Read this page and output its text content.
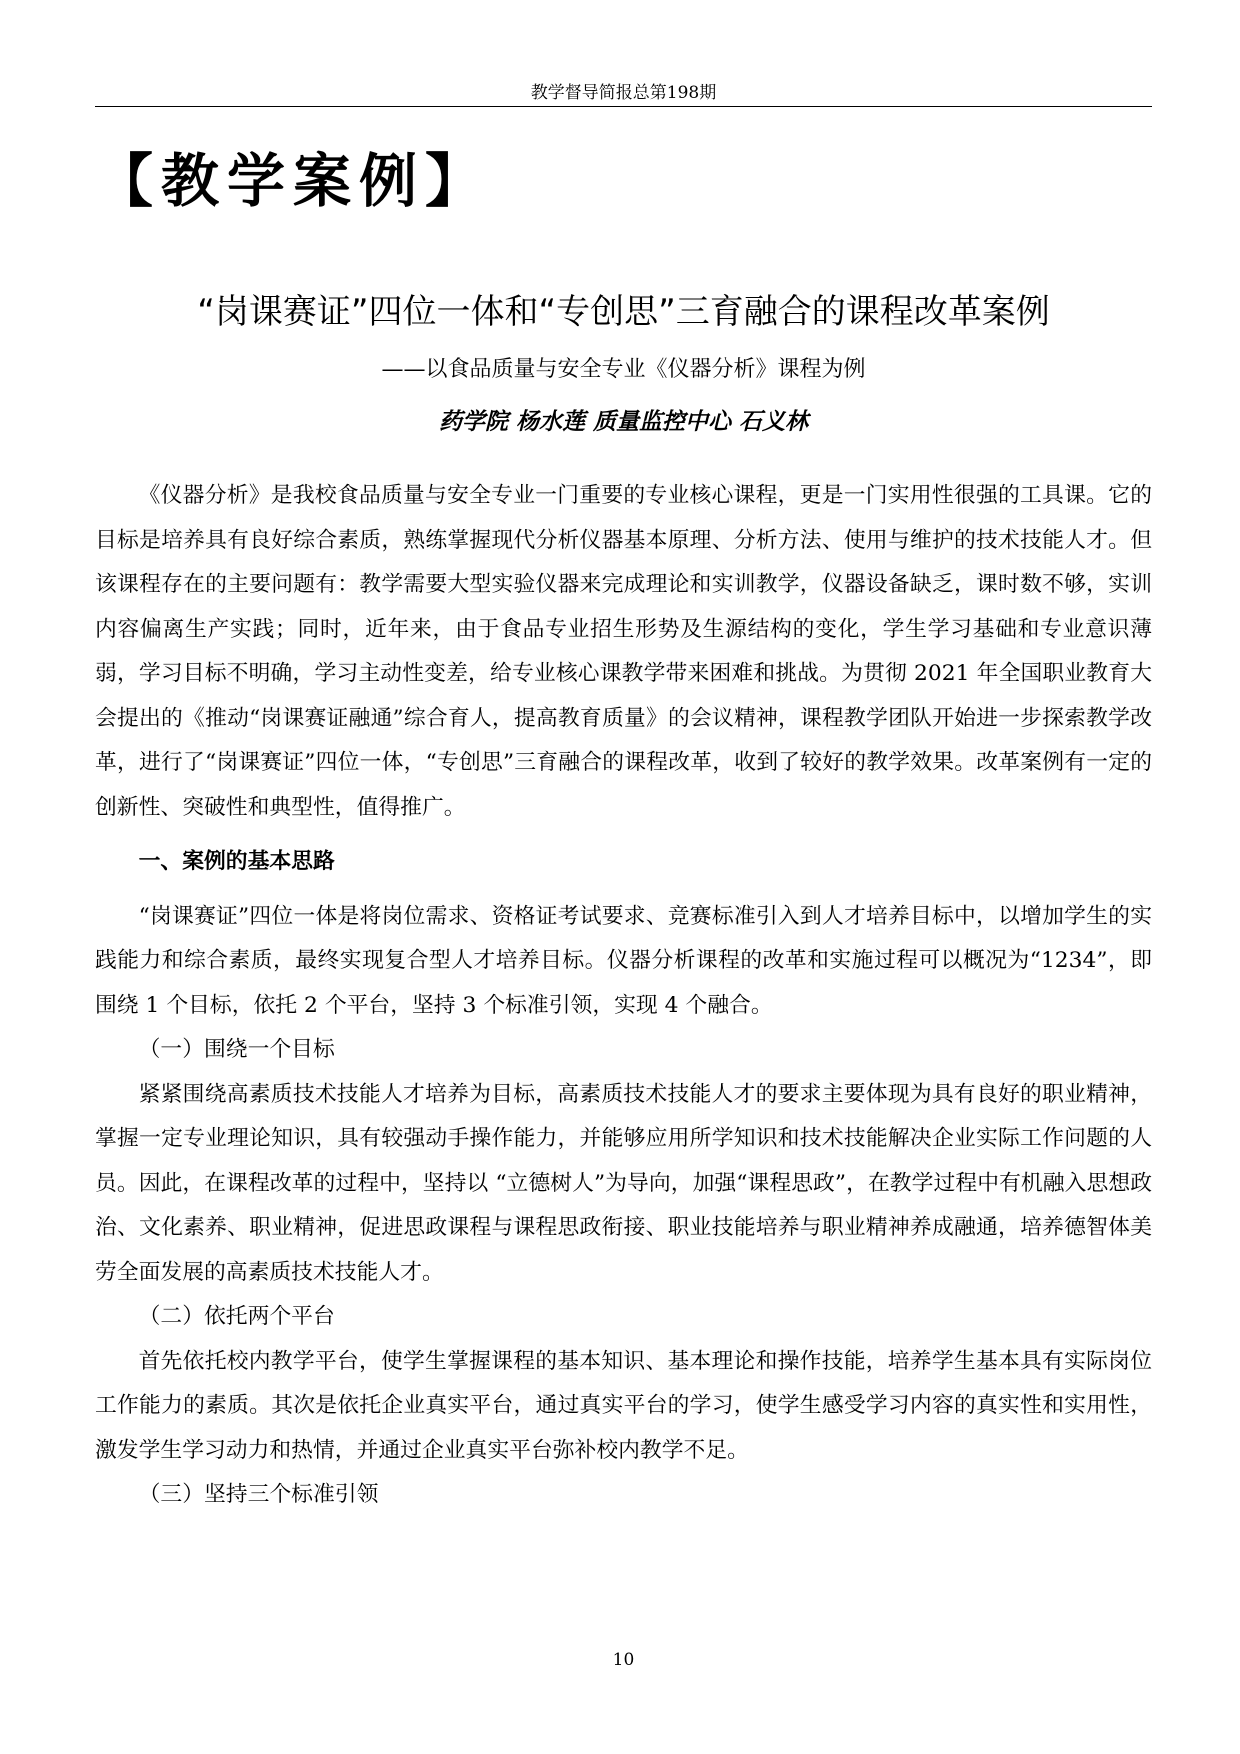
教学督导简报总第198期
【教学案例】
“岗课赛证”四位一体和“专创思”三育融合的课程改革案例
——以食品质量与安全专业《仪器分析》课程为例
药学院 杨水莲 质量监控中心 石义林

《仪器分析》是我校食品质量与安全专业一门重要的专业核心课程，更是一门实用性很强的工具课。它的目标是培养具有良好综合素质，熟练掌握现代分析仪器基本原理、分析方法、使用与维护的技术技能人才。但该课程存在的主要问题有：教学需要大型实验仪器来完成理论和实训教学，仪器设备缺乏，课时数不够，实训内容偏离生产实践；同时，近年来，由于食品专业招生形势及生源结构的变化，学生学习基础和专业意识薄弱，学习目标不明确，学习主动性变差，给专业核心课教学带来困难和挑战。为贯彻 2021 年全国职业教育大会提出的《推动“岗课赛证融通”综合育人，提高教育质量》的会议精神，课程教学团队开始进一步探索教学改革，进行了“岗课赛证”四位一体，“专创思”三育融合的课程改革，收到了较好的教学效果。改革案例有一定的创新性、突破性和典型性，值得推广。

一、案例的基本思路

“岗课赛证”四位一体是将岗位需求、资格证考试要求、竞赛标准引入到人才培养目标中，以增加学生的实践能力和综合素质，最终实现复合型人才培养目标。仪器分析课程的改革和实施过程可以概况为“1234”，即围绕 1 个目标，依托 2 个平台，坚持 3 个标准引领，实现 4 个融合。

（一）围绕一个目标

紧紧围绕高素质技术技能人才培养为目标，高素质技术技能人才的要求主要体现为具有良好的职业精神，掌握一定专业理论知识，具有较强动手操作能力，并能够应用所学知识和技术技能解决企业实际工作问题的人员。因此，在课程改革的过程中，坚持以 “立德树人”为导向，加强“课程思政”，在教学过程中有机融入思想政治、文化素养、职业精神，促进思政课程与课程思政衔接、职业技能培养与职业精神养成融通，培养德智体美劳全面发展的高素质技术技能人才。

（二）依托两个平台

首先依托校内教学平台，使学生掌握课程的基本知识、基本理论和操作技能，培养学生基本具有实际岗位工作能力的素质。其次是依托企业真实平台，通过真实平台的学习，使学生感受学习内容的真实性和实用性，激发学生学习动力和热情，并通过企业真实平台弥补校内教学不足。

（三）坚持三个标准引领

10
